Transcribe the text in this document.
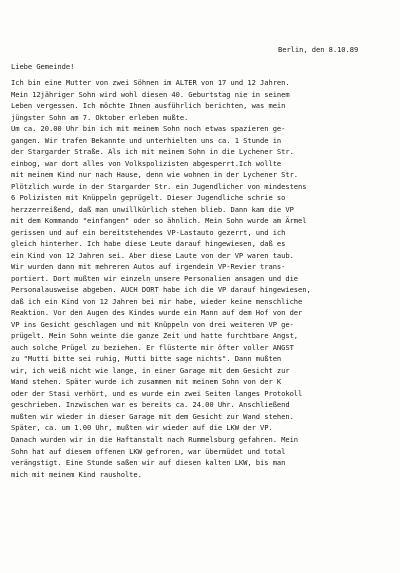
Berlin, den 8.10.89
Liebe Gemeinde!
Ich bin eine Mutter von zwei Söhnen im ALTER von 17 und 12 Jahren.
Mein 12jähriger Sohn wird wohl diesen 40. Geburtstag nie in seinem
Leben vergessen. Ich möchte Ihnen ausführlich berichten, was mein
jüngster Sohn am 7. Oktober erleben mußte.
Um ca. 20.00 Uhr bin ich mit meinem Sohn noch etwas spazieren ge-
gangen. Wir trafen Bekannte und unterhielten uns ca. 1 Stunde in
der Stargarder Straße. Als ich mit meinem Sohn in die Lychener Str.
einbog, war dort alles von Volkspolizisten abgesperrt.Ich wollte
mit meinem Kind nur nach Hause, denn wie wohnen in der Lychener Str.
Plötzlich wurde in der Stargarder Str. ein Jugendlicher von mindestens
6 Polizisten mit Knüppeln geprügelt. Dieser Jugendliche schrie so
herzzerreißend, daß man unwillkürlich stehen blieb. Dann kam die VP
mit dem Kommando "einfangen" oder so ähnlich. Mein Sohn wurde am Ärmel
gerissen und auf ein bereitstehendes VP-Lastauto gezerrt, und ich
gleich hinterher. Ich habe diese Leute darauf hingewiesen, daß es
ein Kind von 12 Jahren sei. Aber diese Laute von der VP waren taub.
Wir wurden dann mit mehreren Autos auf irgendein VP-Revier trans-
portiert. Dort mußten wir einzeln unsere Personalien ansagen und die
Personalausweise abgeben. AUCH DORT habe ich die VP darauf hingewiesen,
daß ich ein Kind von 12 Jahren bei mir habe, wieder keine menschliche
Reaktion. Vor den Augen des Kindes wurde ein Mann auf dem Hof von der
VP ins Gesicht geschlagen und mit Knüppeln von drei weiteren VP ge-
prügelt. Mein Sohn weinte die ganze Zeit und hatte furchtbare Angst,
auch solche Prügel zu beziehen. Er flüsterte mir öfter voller ANGST
zu "Mutti bitte sei ruhig, Mutti bitte sage nichts". Dann mußten
wir, ich weiß nicht wie lange, in einer Garage mit dem Gesicht zur
Wand stehen. Später wurde ich zusammen mit meinem Sohn von der K
oder der Stasi verhört, und es wurde ein zwei Seiten langes Protokoll
geschrieben. Inzwischen war es bereits ca. 24.00 Uhr. Anschließend
mußten wir wieder in dieser Garage mit dem Gesicht zur Wand stehen.
Später, ca. um 1.00 Uhr, mußten wir wieder auf die LKW der VP.
Danach wurden wir in die Haftanstalt nach Rummelsburg gefahren. Mein
Sohn hat auf diesem offenen LKW gefroren, war übermüdet und total
verängstigt. Eine Stunde saßen wir auf diesen kalten LKW, bis man
mich mit meinem Kind rausholte.
